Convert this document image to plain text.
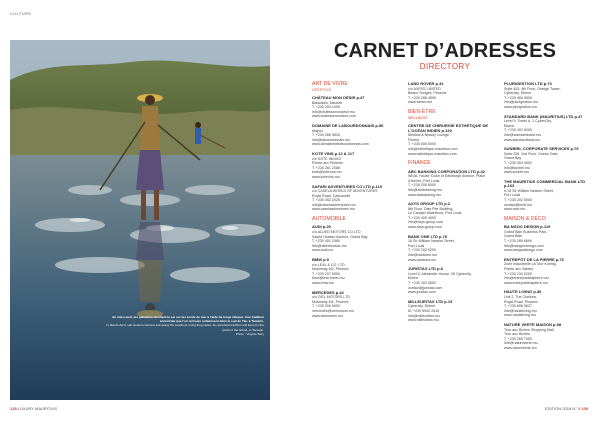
CULTURE
En mars-avril, les paludiers récoltent le sel sur les bords de mer à l’aide de longs râteaux. Une tradition ancestrale que l’on retrouve notamment dans le sud de l’île, à Tamarin.
In March-April, salt workers harvest salt along the seashore using long rakes. An ancestral tradition still found in the south of the island, in Tamarin.
Photo : Virginie Bary
138 LUXURY MAURITIUS	EDITION 2018 N° 5 139
CARNET D’ADRESSES
DIRECTORY
ART DE VIVRE
LIFESTYLE
CHÂTEAU MON DÉSIR p.47
Balaclava, Maurice
T. +230 204 1000
info@chateaumondesir.mu
www.chateaumondesir.com
DOMAINE DE LABOURDONNAIS p.56
Mapou
T. +230 266 9533
info@labourdonnais.mu
www.domainedelabourdonnais.com
KOTE VINS p.12 & 117
c/o KOTE INDIGO
Pointe aux Piments
T. +230 261 2088
kote@kotevins.mu
www.kotevins.mu
SAFARI ADVENTURES CO LTD p.119
c/o CASELA WORLD OF ADVENTURES
Royal Road, Cascavelle
T. +230 452 2028
info@caselaadventures.mu
www.caselaadventures.mu
AUTOMOBILE
AUDI p.20
c/o ALLIED MOTORS CO LTD
Sayed Hossen Avenue, Grand Bay
T. +230 401 2980
info@alliedmotors.mu
www.audi.mu
BMW p.9
c/o LEAL & CO. LTD
Motorway M2, Phoenix
T. +230 207 5900
bmw@leal.intnet.mu
www.bmw.mu
MERCEDES p.44
c/o CIEL MOTORS LTD
Motorway M1, Phoenix
T. +230 206 5900
mercedes@cielmotors.mu
www.cielmotors.mu
LAND ROVER p.31
c/o AXESS LIMITED
Beaux Songes, Phoenix
T. +230 286 4506
www.axess.mu
BIEN-ÊTRE
WELLNESS
CENTRE DE CHIRURGIE ESTHÉTIQUE DE L’OCÉAN INDIEN p.120
Medical & Beauty Lounge
Floreal
T. +230 606 5000
info@esthetique-mauritius.com
www.esthetique-mauritius.com
FINANCE
ABC BANKING CORPORATION LTD p.42
WEAL House, Duke of Edinburgh Avenue, Place d’Armes, Port Louis
T. +230 206 8000
info@abcbanking.mu
www.abcbanking.mu
AXYS GROUP LTD p.2
6th Floor, Dias Pier Building,
Le Caudan Waterfront, Port Louis
T. +230 405 4000
info@axys-group.com
www.axys-group.com
BANK ONE LTD p.76
16 Sir William Newton Street,
Port Louis
T. +230 202 9200
info@bankone.mu
www.bankone.mu
JURISTAX LTD p.6
Level 5, Alexander House, 35 Cybercity,
Ebene
T. +230 403 5600
contact@juristax.com
www.juristax.com
MILLEURITAX LTD p.15
Cybercity, Ebene
M. +230 5942 2615
info@milleuritax.mu
www.milleuritax.mu
PLURIGESTION LTD p.70
Suite 403, 4th Floor, Orange Tower,
Cybercity, Ebene
T. +230 466 5800
info@plurigestion.mu
www.plurigestion.mu
STANDARD BANK (MAURITIUS) LTD p.47
Level 9, Tower A, 1 CyberCity,
Ebene
T. +230 402 6000
info@standardbank.mu
www.standardbank.mu
SUNBIRL CORPORATE SERVICES p.79
Suite 206, 2nd Floor, Ocean Gate,
Grand Bay
T. +230 263 0903
info@sunbirl.mu
www.sunbirl.mu
THE MAURITIUS COMMERCIAL BANK LTD p.163
9-15 Sir William Newton Street,
Port Louis
T. +230 202 5000
contact@mcb.mu
www.mcb.mu
MAISON & DÉCO
BA NGOC DESIGN p.119
Grand Baie Business Park,
Grand Baie
T. +230 269 6699
info@bangocdesign.com
www.bangocdesign.com
ENTREPÔT DE LA PIERRE p.76
Zone Industrielle La Tour Koenig,
Pointe aux Sables
T. +230 234 0202
info@entrepotdelapierre.mu
www.entrepotdelapierre.mu
HAUTE LIVING p.36
Unit 2, The Chelsea,
Royal Road, Phoenix
T. +230 698 5627
info@hauteliving.mu
www.hauteliving.mu
NATURE VERTE MAISON p.98
Trou aux Biches Shopping Mall,
Trou aux Biches
T. +230 265 7055
info@natureverte.mu
www.natureverte.mu
